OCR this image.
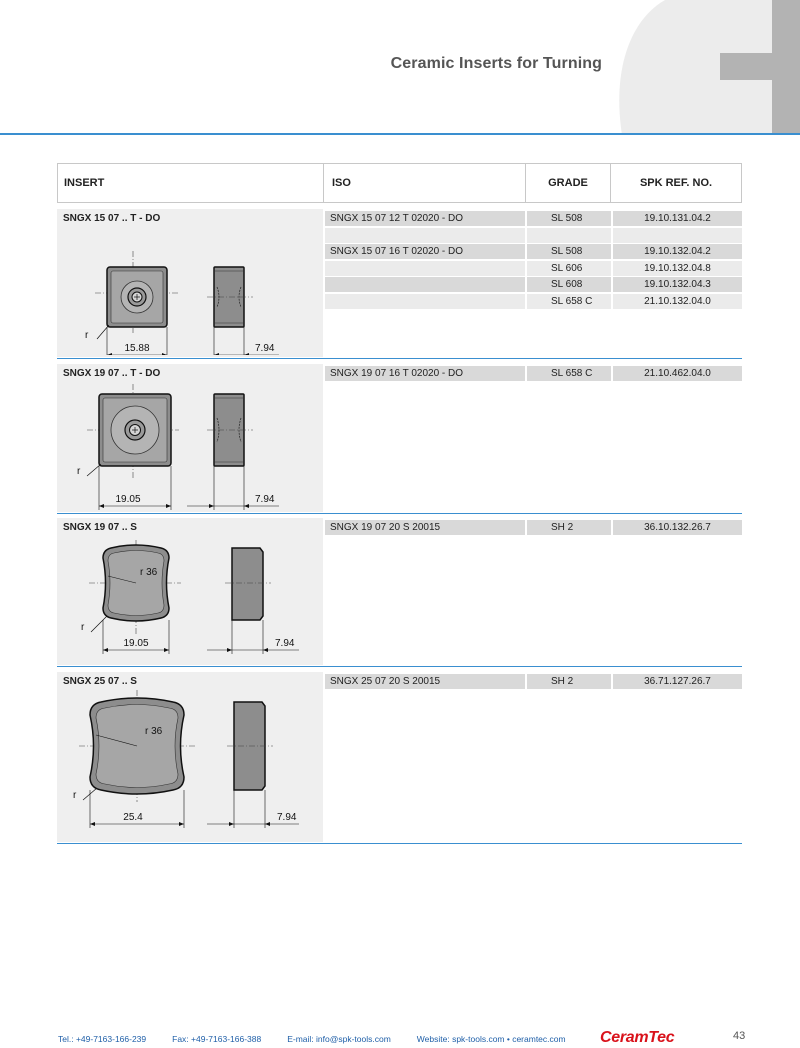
Ceramic Inserts for Turning
INSERT	ISO	GRADE	SPK REF. NO.
SNGX 15 07 .. T - DO
r
15.88	7.94
SNGX 15 07 12 T 02020 - DO	SL 508	19.10.131.04.2
SNGX 15 07 16 T 02020 - DO	SL 508	19.10.132.04.2
SL 606	19.10.132.04.8
SL 608	19.10.132.04.3
SL 658 C	21.10.132.04.0
SNGX 19 07 .. T - DO
r
19.05	7.94
SNGX 19 07 16 T 02020 - DO	SL 658 C	21.10.462.04.0
SNGX 19 07 .. S
r 36
r
19.05	7.94
SNGX 19 07 20 S 20015	SH 2	36.10.132.26.7
SNGX 25 07 .. S
r 36
r
25.4	7.94
SNGX 25 07 20 S 20015	SH 2	36.71.127.26.7
Tel.: +49-7163-166-239	Fax: +49-7163-166-388	E-mail: info@spk-tools.com	Website: spk-tools.com • ceramtec.com CeramTec	43
